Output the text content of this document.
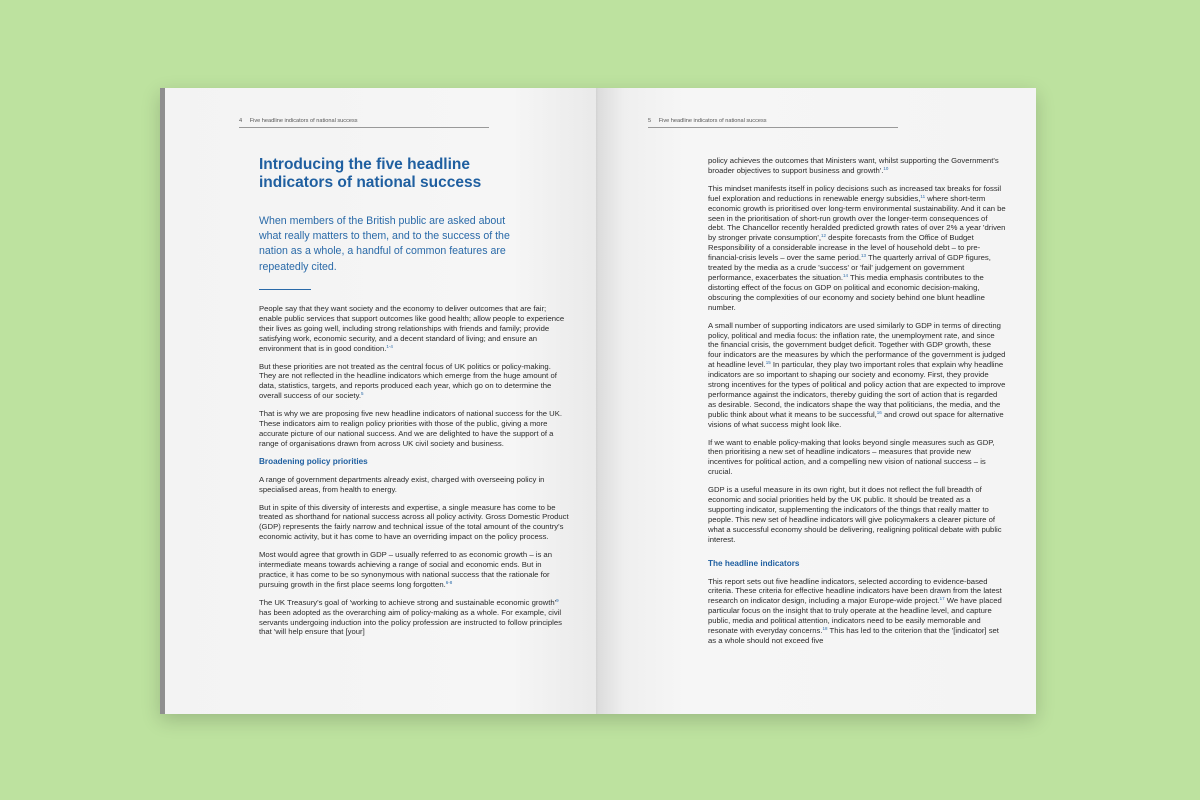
4 Five headline indicators of national success
Introducing the five headline indicators of national success

When members of the British public are asked about what really matters to them, and to the success of the nation as a whole, a handful of common features are repeatedly cited.

People say that they want society and the economy to deliver outcomes that are fair; enable public services that support outcomes like good health; allow people to experience their lives as going well, including strong relationships with friends and family; provide satisfying work, economic security, and a decent standard of living; and ensure an environment that is in good condition.$^{1-4}$

But these priorities are not treated as the central focus of UK politics or policy-making. They are not reflected in the headline indicators which emerge from the huge amount of data, statistics, targets, and reports produced each year, which go on to determine the overall success of our society.$^5$

That is why we are proposing five new headline indicators of national success for the UK. These indicators aim to realign policy priorities with those of the public, giving a more accurate picture of our national success. And we are delighted to have the support of a range of organisations drawn from across UK civil society and business.

Broadening policy priorities

A range of government departments already exist, charged with overseeing policy in specialised areas, from health to energy.

But in spite of this diversity of interests and expertise, a single measure has come to be treated as shorthand for national success across all policy activity. Gross Domestic Product (GDP) represents the fairly narrow and technical issue of the total amount of the country's economic activity, but it has come to have an overriding impact on the policy process.

Most would agree that growth in GDP – usually referred to as economic growth – is an intermediate means towards achieving a range of social and economic ends. But in practice, it has come to be so synonymous with national success that the rationale for pursuing growth in the first place seems long forgotten.$^{6-8}$

The UK Treasury's goal of 'working to achieve strong and sustainable economic $growth'^9$ has been adopted as the overarching aim of policy-making as a whole. For example, civil servants undergoing induction into the policy profession are instructed to follow principles that 'will help ensure that [your]

5 Five headline indicators of national success

policy achieves the outcomes that Ministers want, whilst supporting the Government's broader objectives to support business and growth'.$^{10}$

This mindset manifests itself in policy decisions such as increased tax breaks for fossil fuel exploration and reductions in renewable energy subsidies,$^{11}$ where short-term economic growth is prioritised over long-term environmental sustainability. And it can be seen in the prioritisation of short-run growth over the longer-term consequences of debt. The Chancellor recently heralded predicted growth rates of over 2% a year 'driven by stronger private consumption',$^{12}$ despite forecasts from the Office of Budget Responsibility of a considerable increase in the level of household debt – to pre-financial-crisis levels – over the same period.$^{13}$ The quarterly arrival of GDP figures, treated by the media as a crude 'success' or 'fail' judgement on government performance, exacerbates the situation.$^{14}$ This media emphasis contributes to the distorting effect of the focus on GDP on political and economic decision-making, obscuring the complexities of our economy and society behind one blunt headline number.

A small number of supporting indicators are used similarly to GDP in terms of directing policy, political and media focus: the inflation rate, the unemployment rate, and since the financial crisis, the government budget deficit. Together with GDP growth, these four indicators are the measures by which the performance of the government is judged at headline level.$^{15}$ In particular, they play two important roles that explain why headline indicators are so important to shaping our society and economy. First, they provide strong incentives for the types of political and policy action that are expected to improve performance against the indicators, thereby guiding the sort of action that is regarded as desirable. Second, the indicators shape the way that politicians, the media, and the public think about what it means to be successful,$^{16}$ and crowd out space for alternative visions of what success might look like.

If we want to enable policy-making that looks beyond single measures such as GDP, then prioritising a new set of headline indicators – measures that provide new incentives for political action, and a compelling new vision of national success – is crucial.

GDP is a useful measure in its own right, but it does not reflect the full breadth of economic and social priorities held by the UK public. It should be treated as a supporting indicator, supplementing the indicators of the things that really matter to people. This new set of headline indicators will give policymakers a clearer picture of what a successful economy should be delivering, realigning political debate with public interest.

The headline indicators

This report sets out five headline indicators, selected according to evidence-based criteria. These criteria for effective headline indicators have been drawn from the latest research on indicator design, including a major Europe-wide project.$^{17}$ We have placed particular focus on the insight that to truly operate at the headline level, and capture public, media and political attention, indicators need to be easily memorable and resonate with everyday concerns.$^{18}$ This has led to the criterion that the '[indicator] set as a whole should not exceed five
